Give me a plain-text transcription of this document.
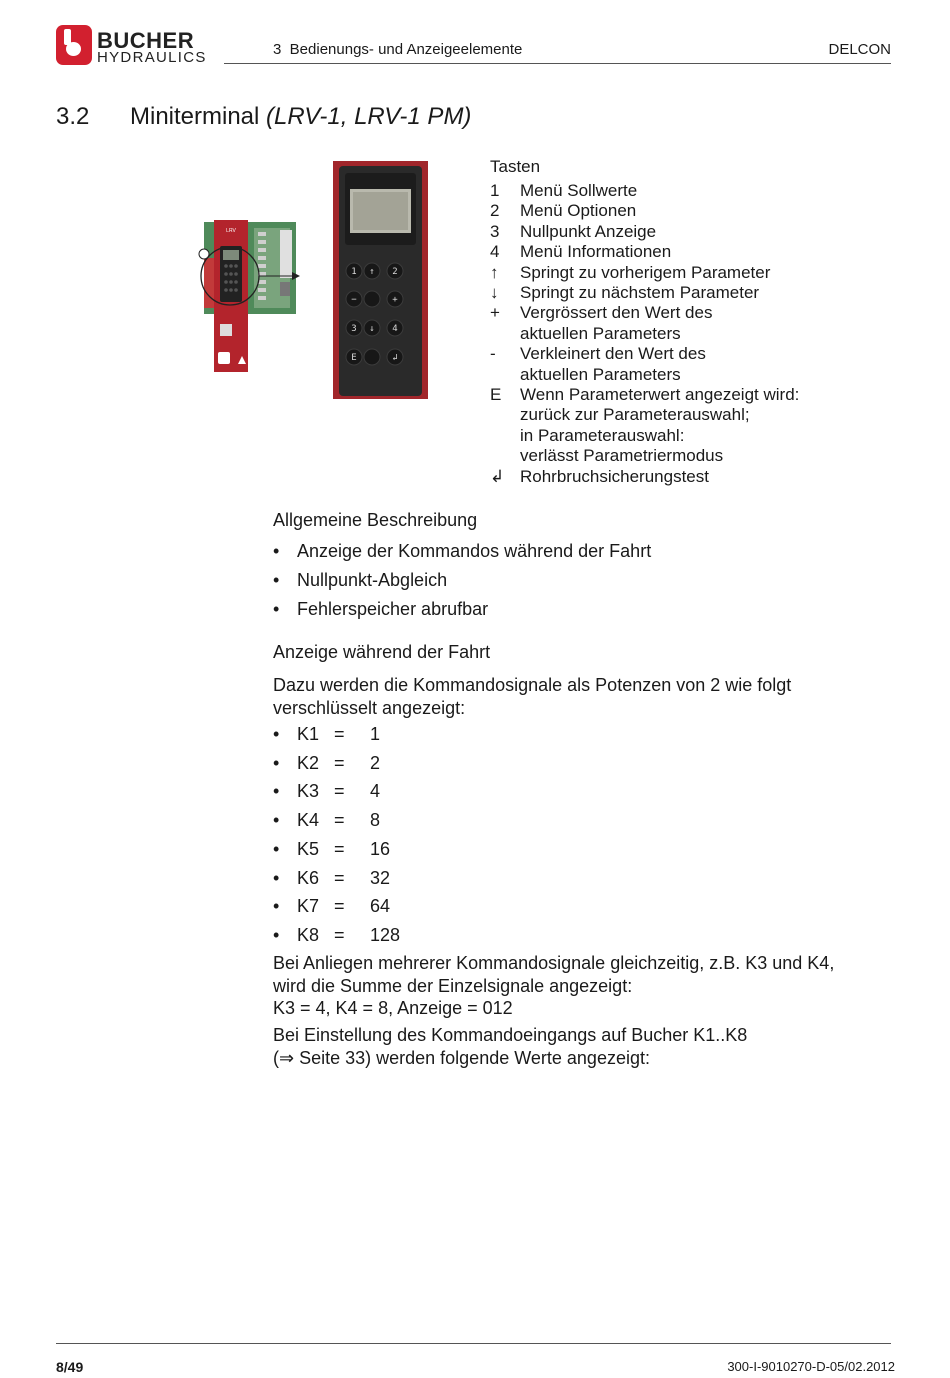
BUCHER
HYDRAULICS	3  Bedienungs- und Anzeigeelemente	DELCON
3.2 Miniterminal (LRV-1, LRV-1 PM)
LRV
1 ↑ 2
−	+
3 ↓ 4
E	↲
Tasten
1	Menü Sollwerte
2	Menü Optionen
3	Nullpunkt Anzeige
4	Menü Informationen
↑	Springt zu vorherigem Parameter
↓	Springt zu nächstem Parameter
+	Vergrössert den Wert des
aktuellen Parameters
-	Verkleinert den Wert des
aktuellen Parameters
E	Wenn Parameterwert angezeigt wird:
zurück zur Parameterauswahl;
in Parameterauswahl:
verlässt Parametriermodus
↲ Rohrbruchsicherungstest
Allgemeine Beschreibung
• Anzeige der Kommandos während der Fahrt
• Nullpunkt-Abgleich
• Fehlerspeicher abrufbar
Anzeige während der Fahrt
Dazu werden die Kommandosignale als Potenzen von 2 wie folgt
verschlüsselt angezeigt:
• K1 = 1
• K2 = 2
• K3 = 4
• K4 = 8
• K5 = 16
• K6 = 32
• K7 = 64
• K8 = 128
Bei Anliegen mehrerer Kommandosignale gleichzeitig, z.B. K3 und K4,
wird die Summe der Einzelsignale angezeigt:
K3 = 4, K4 = 8, Anzeige = 012
Bei Einstellung des Kommandoeingangs auf Bucher K1..K8
(⇒ Seite 33) werden folgende Werte angezeigt:
8/49	300-I-9010270-D-05/02.2012
